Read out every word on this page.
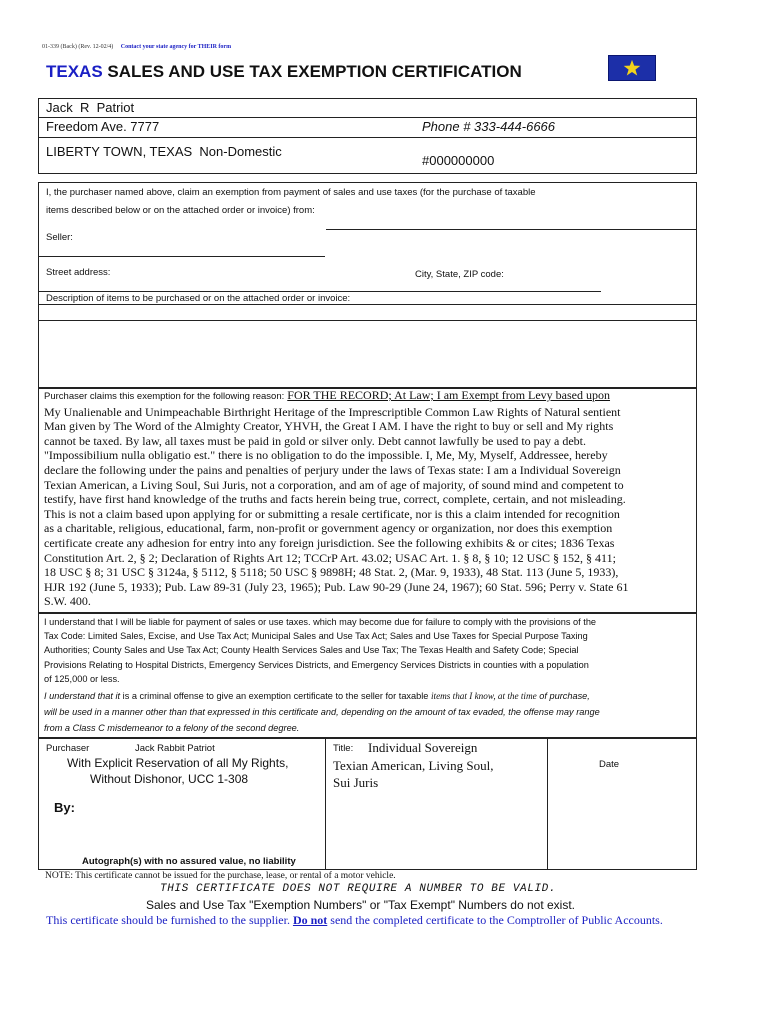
01-339 (Back) (Rev. 12-02/4) Contact your state agency for THEIR form
TEXAS SALES AND USE TAX EXEMPTION CERTIFICATION
Jack  R  Patriot
Freedom Ave. 7777	Phone # 333-444-6666
LIBERTY TOWN, TEXAS  Non-Domestic
#000000000
I, the purchaser named above, claim an exemption from payment of sales and use taxes (for the purchase of taxable
items described below or on the attached order or invoice) from:
Seller:
Street address:	City, State, ZIP code:
Description of items to be purchased or on the attached order or invoice:
Purchaser claims this exemption for the following reason: FOR THE RECORD; At Law; I am Exempt from Levy based upon
My Unalienable and Unimpeachable Birthright Heritage of the Imprescriptible Common Law Rights of Natural sentient
Man given by The Word of the Almighty Creator, YHVH, the Great I AM. I have the right to buy or sell and My rights
cannot be taxed. By law, all taxes must be paid in gold or silver only. Debt cannot lawfully be used to pay a debt.
"Impossibilium nulla obligatio est." there is no obligation to do the impossible. I, Me, My, Myself, Addressee, hereby
declare the following under the pains and penalties of perjury under the laws of Texas state: I am a Individual Sovereign
Texian American, a Living Soul, Sui Juris, not a corporation, and am of age of majority, of sound mind and competent to
testify, have first hand knowledge of the truths and facts herein being true, correct, complete, certain, and not misleading.
This is not a claim based upon applying for or submitting a resale certificate, nor is this a claim intended for recognition
as a charitable, religious, educational, farm, non-profit or government agency or organization, nor does this exemption
certificate create any adhesion for entry into any foreign jurisdiction. See the following exhibits & or cites; 1836 Texas
Constitution Art. 2, § 2; Declaration of Rights Art 12; TCCrP Art. 43.02; USAC Art. 1. § 8, § 10; 12 USC § 152, § 411;
18 USC § 8; 31 USC § 3124a, § 5112, § 5118; 50 USC § 9898H; 48 Stat. 2, (Mar. 9, 1933), 48 Stat. 113 (June 5, 1933),
HJR 192 (June 5, 1933); Pub. Law 89-31 (July 23, 1965); Pub. Law 90-29 (June 24, 1967); 60 Stat. 596; Perry v. State 61
S.W. 400.
I understand that I will be liable for payment of sales or use taxes. which may become due for failure to comply with the provisions of the
Tax Code: Limited Sales, Excise, and Use Tax Act; Municipal Sales and Use Tax Act; Sales and Use Taxes for Special Purpose Taxing
Authorities; County Sales and Use Tax Act; County Health Services Sales and Use Tax; The Texas Health and Safety Code; Special
Provisions Relating to Hospital Districts, Emergency Services Districts, and Emergency Services Districts in counties with a population
of 125,000 or less.
I understand that it is a criminal offense to give an exemption certificate to the seller for taxable items that I know, at the time of purchase,
will be used in a manner other than that expressed in this certificate and, depending on the amount of tax evaded, the offense may range
from a Class C misdemeanor to a felony of the second degree.
Purchaser	Jack Rabbit Patriot
With Explicit Reservation of all My Rights,
Without Dishonor, UCC 1-308
By:
Autograph(s) with no assured value, no liability
Title: Individual Sovereign
Texian American, Living Soul,
Sui Juris
Date
NOTE: This certificate cannot be issued for the purchase, lease, or rental of a motor vehicle.
THIS CERTIFICATE DOES NOT REQUIRE A NUMBER TO BE VALID.
Sales and Use Tax "Exemption Numbers" or "Tax Exempt" Numbers do not exist.
This certificate should be furnished to the supplier. Do not send the completed certificate to the Comptroller of Public Accounts.
